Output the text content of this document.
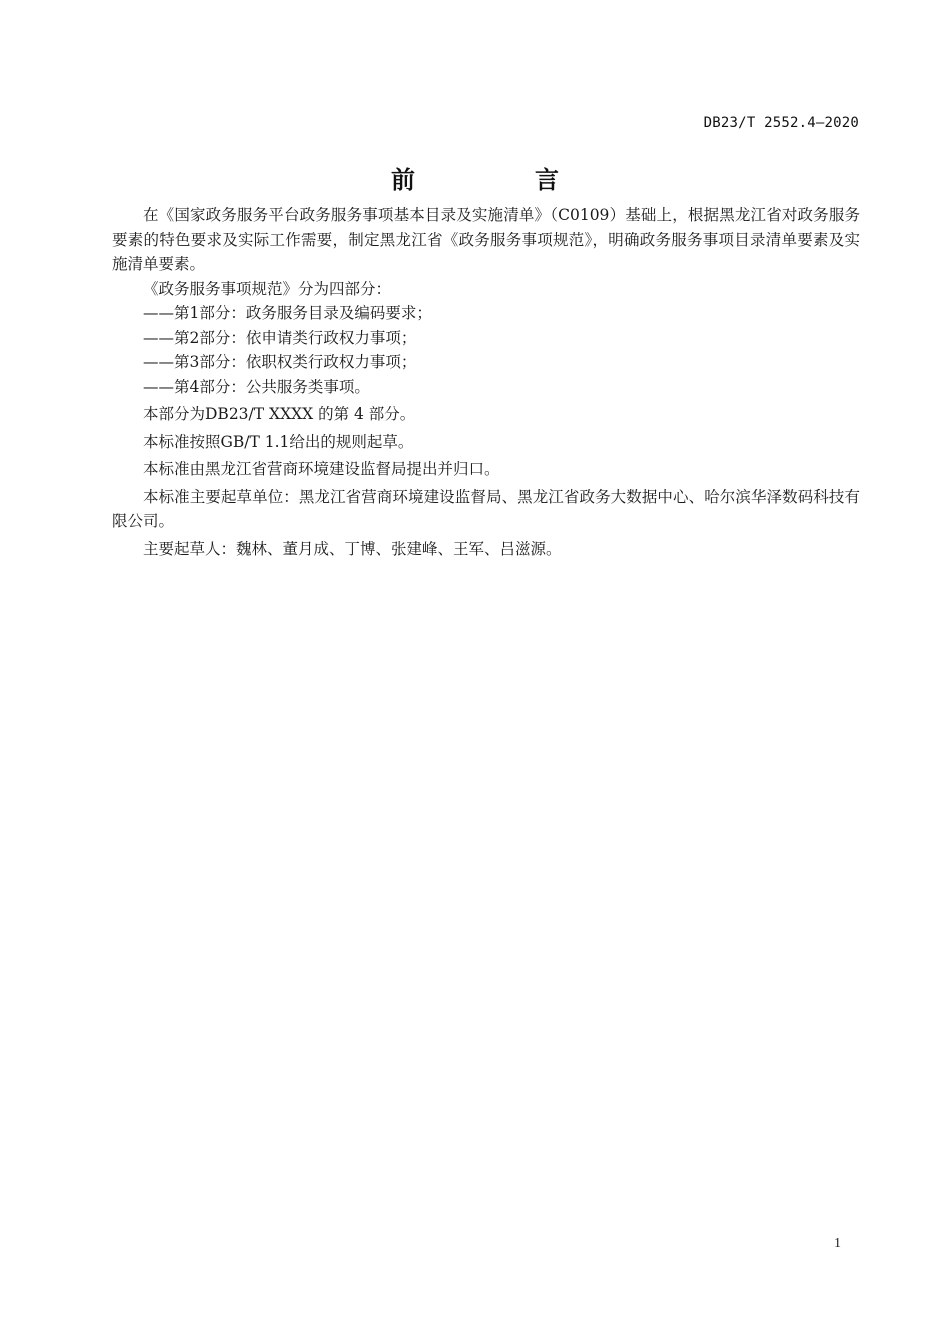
DB23/T 2552.4—2020
前　言

在《国家政务服务平台政务服务事项基本目录及实施清单》（C0109）基础上，根据黑龙江省对政务服务要素的特色要求及实际工作需要，制定黑龙江省《政务服务事项规范》，明确政务服务事项目录清单要素及实施清单要素。

《政务服务事项规范》分为四部分：

——第1部分：政务服务目录及编码要求；

——第2部分：依申请类行政权力事项；

——第3部分：依职权类行政权力事项；

——第4部分：公共服务类事项。

本部分为DB23/T XXXX 的第 4 部分。

本标准按照GB/T 1.1给出的规则起草。

本标准由黑龙江省营商环境建设监督局提出并归口。

本标准主要起草单位：黑龙江省营商环境建设监督局、黑龙江省政务大数据中心、哈尔滨华泽数码科技有限公司。

主要起草人：魏林、董月成、丁博、张建峰、王军、吕滋源。

1
